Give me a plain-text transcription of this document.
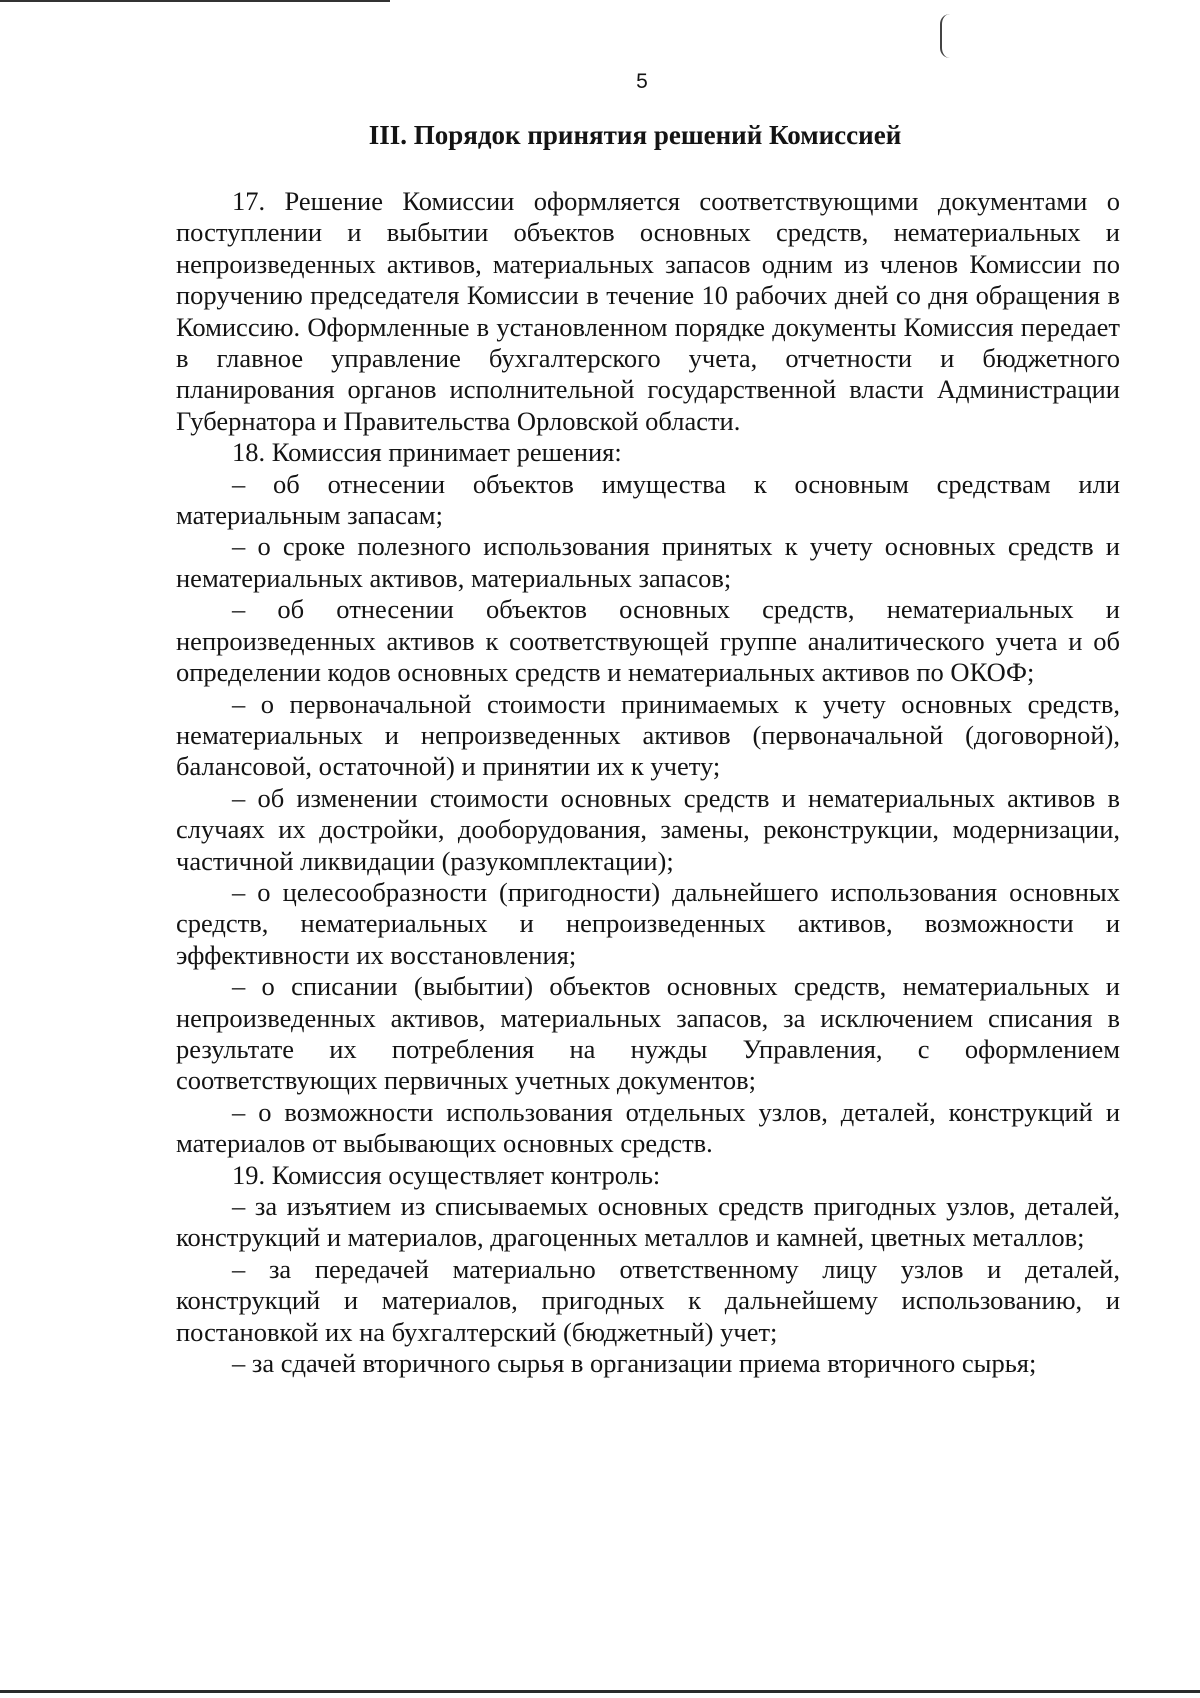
5
III. Порядок принятия решений Комиссией

17. Решение Комиссии оформляется соответствующими документами о поступлении и выбытии объектов основных средств, нематериальных и непроизведенных активов, материальных запасов одним из членов Комиссии по поручению председателя Комиссии в течение 10 рабочих дней со дня обращения в Комиссию. Оформленные в установленном порядке документы Комиссия передает в главное управление бухгалтерского учета, отчетности и бюджетного планирования органов исполнительной государственной власти Администрации Губернатора и Правительства Орловской области.

18. Комиссия принимает решения:

– об отнесении объектов имущества к основным средствам или материальным запасам;

– о сроке полезного использования принятых к учету основных средств и нематериальных активов, материальных запасов;

– об отнесении объектов основных средств, нематериальных и непроизведенных активов к соответствующей группе аналитического учета и об определении кодов основных средств и нематериальных активов по ОКОФ;

– о первоначальной стоимости принимаемых к учету основных средств, нематериальных и непроизведенных активов (первоначальной (договорной), балансовой, остаточной) и принятии их к учету;

– об изменении стоимости основных средств и нематериальных активов в случаях их достройки, дооборудования, замены, реконструкции, модернизации, частичной ликвидации (разукомплектации);

– о целесообразности (пригодности) дальнейшего использования основных средств, нематериальных и непроизведенных активов, возможности и эффективности их восстановления;

– о списании (выбытии) объектов основных средств, нематериальных и непроизведенных активов, материальных запасов, за исключением списания в результате их потребления на нужды Управления, с оформлением соответствующих первичных учетных документов;

– о возможности использования отдельных узлов, деталей, конструкций и материалов от выбывающих основных средств.

19. Комиссия осуществляет контроль:

– за изъятием из списываемых основных средств пригодных узлов, деталей, конструкций и материалов, драгоценных металлов и камней, цветных металлов;

– за передачей материально ответственному лицу узлов и деталей, конструкций и материалов, пригодных к дальнейшему использованию, и постановкой их на бухгалтерский (бюджетный) учет;

– за сдачей вторичного сырья в организации приема вторичного сырья;
